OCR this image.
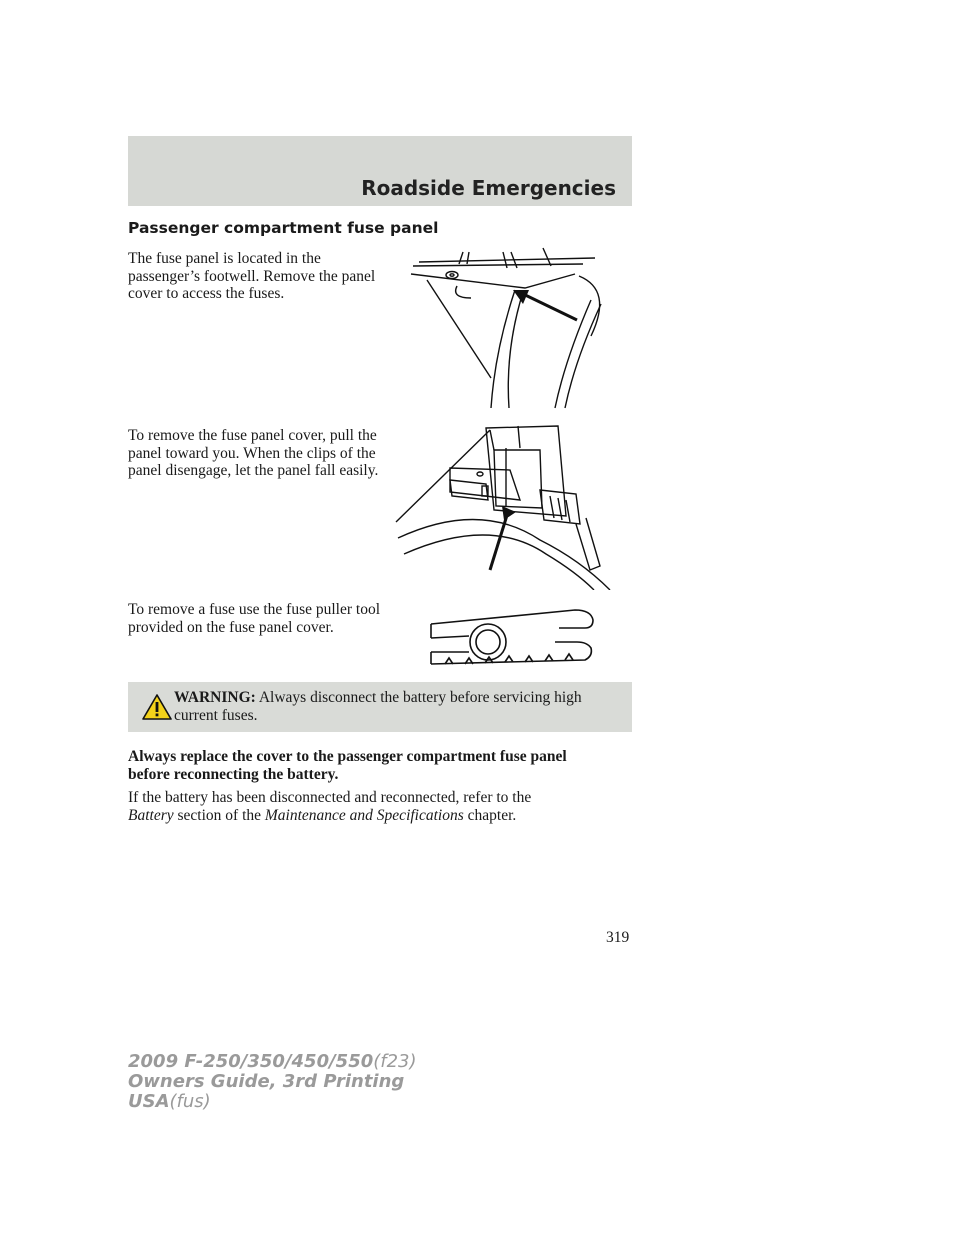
Roadside Emergencies
Passenger compartment fuse panel
The fuse panel is located in the passenger’s footwell. Remove the panel cover to access the fuses.
To remove the fuse panel cover, pull the panel toward you. When the clips of the panel disengage, let the panel fall easily.
To remove a fuse use the fuse puller tool provided on the fuse panel cover.
WARNING: Always disconnect the battery before servicing high current fuses.
Always replace the cover to the passenger compartment fuse panel before reconnecting the battery.
If the battery has been disconnected and reconnected, refer to the
Battery section of the Maintenance and Specifications chapter.
319
2009 F-250/350/450/550(f23)
Owners Guide, 3rd Printing
USA(fus)
